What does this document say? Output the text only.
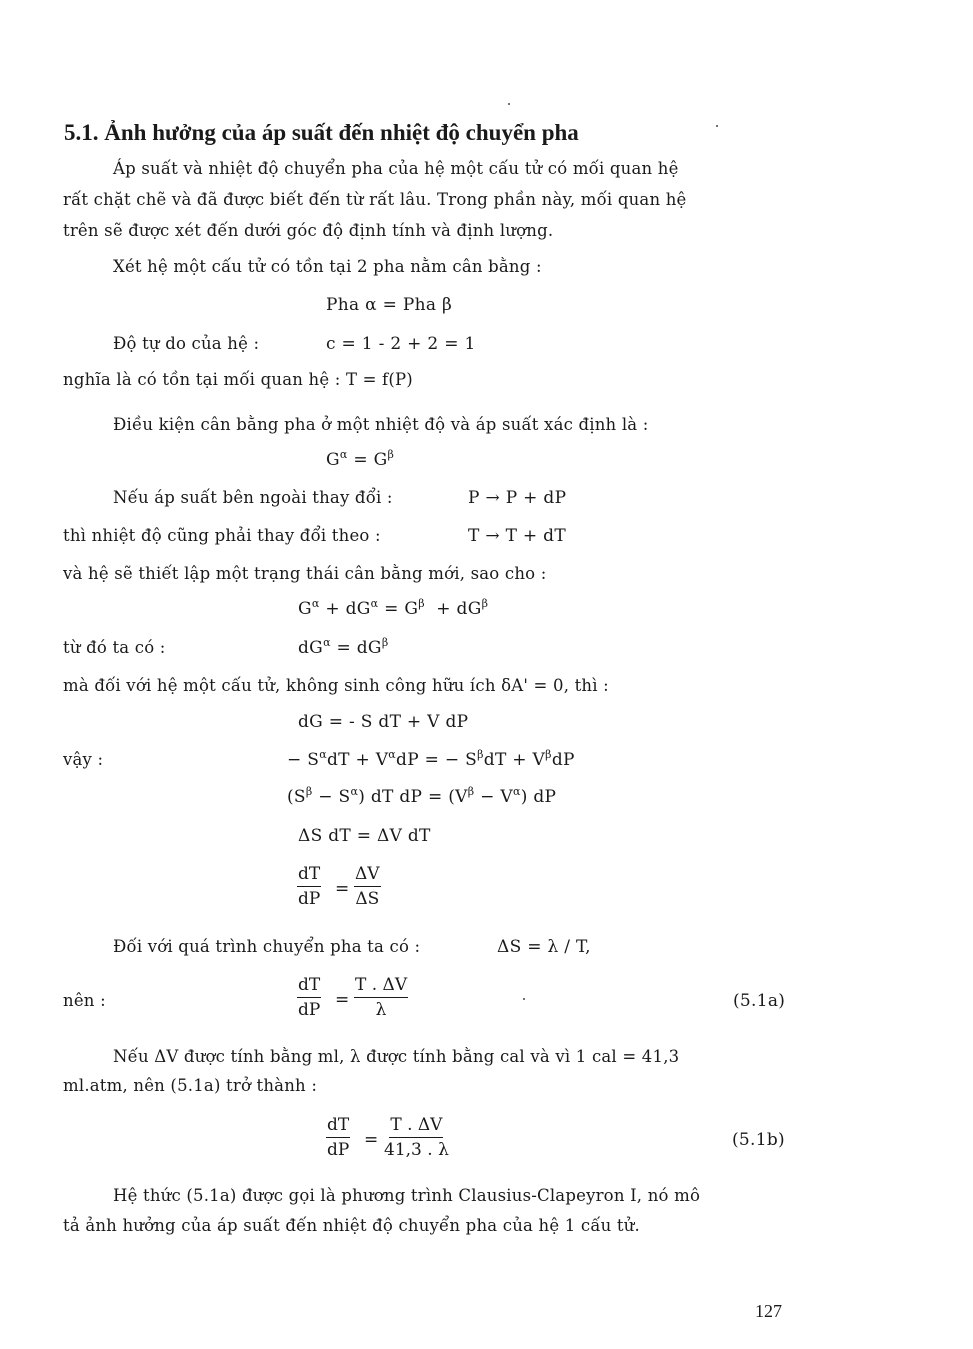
5.1. Ảnh hưởng của áp suất đến nhiệt độ chuyển pha
Áp suất và nhiệt độ chuyển pha của hệ một cấu tử có mối quan hệ
rất chặt chẽ và đã được biết đến từ rất lâu. Trong phần này, mối quan hệ
trên sẽ được xét đến dưới góc độ định tính và định lượng.
Xét hệ một cấu tử có tồn tại 2 pha nằm cân bằng :
Pha α = Pha β
Độ tự do của hệ :	c = 1 - 2 + 2 = 1
nghĩa là có tồn tại mối quan hệ : T = f(P)
Điều kiện cân bằng pha ở một nhiệt độ và áp suất xác định là :
$G^\alpha = G^\beta$
Nếu áp suất bên ngoài thay đổi :	P → P + dP
thì nhiệt độ cũng phải thay đổi theo :	T → T + dT
và hệ sẽ thiết lập một trạng thái cân bằng mới, sao cho :
$G^\alpha + dG^\alpha = G^\beta + dG^\beta$
từ đó ta có :	$dG^\alpha = dG^\beta$
mà đối với hệ một cấu tử, không sinh công hữu ích δA' = 0, thì :
dG = - S dT + V dP
vậy :	− $S^\alpha dT + V^\alpha dP$ = − $S^\beta dT + V^\beta dP$
$(S^\beta - S^\alpha)$ dT dP = $(V^\beta - V^\alpha)$ dP
ΔS dT = ΔV dT
$\frac{dT}{dP} = \frac{\Delta V}{\Delta S}$
Đối với quá trình chuyển pha ta có :	ΔS = λ / T,
nên :	$\frac{dT}{dP} = \frac{T . \Delta V}{\lambda}$	(5.1a)
Nếu ΔV được tính bằng ml, λ được tính bằng cal và vì 1 cal = 41,3
ml.atm, nên (5.1a) trở thành :
$\frac{dT}{dP} = \frac{T . \Delta V}{41,3 . \lambda}$	(5.1b)
Hệ thức (5.1a) được gọi là phương trình Clausius-Clapeyron I, nó mô
tả ảnh hưởng của áp suất đến nhiệt độ chuyển pha của hệ 1 cấu tử.
127
